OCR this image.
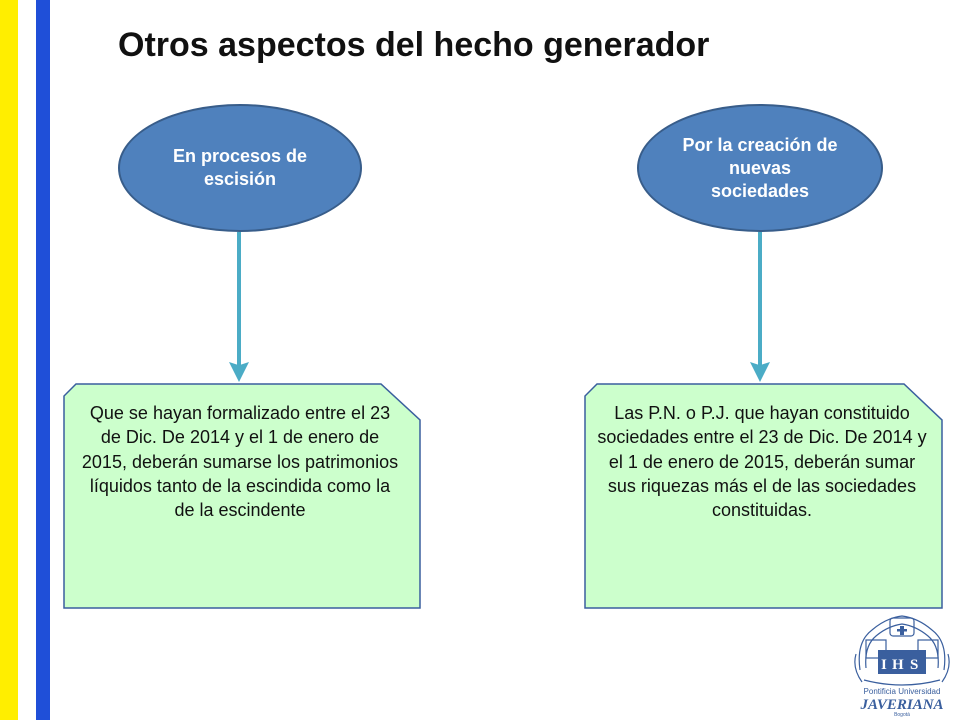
Otros aspectos del hecho generador
En procesos de escisión
Por la creación de nuevas sociedades
Que se hayan formalizado entre el 23 de Dic. De 2014 y el 1 de enero de 2015, deberán sumarse los patrimonios líquidos tanto de la escindida como la de la escindente
Las P.N. o P.J. que hayan constituido sociedades entre el 23 de Dic. De 2014 y el 1 de enero de 2015, deberán sumar sus riquezas más el de las sociedades constituidas.
I H S
Pontificia Universidad
JAVERIANA
Bogotá
